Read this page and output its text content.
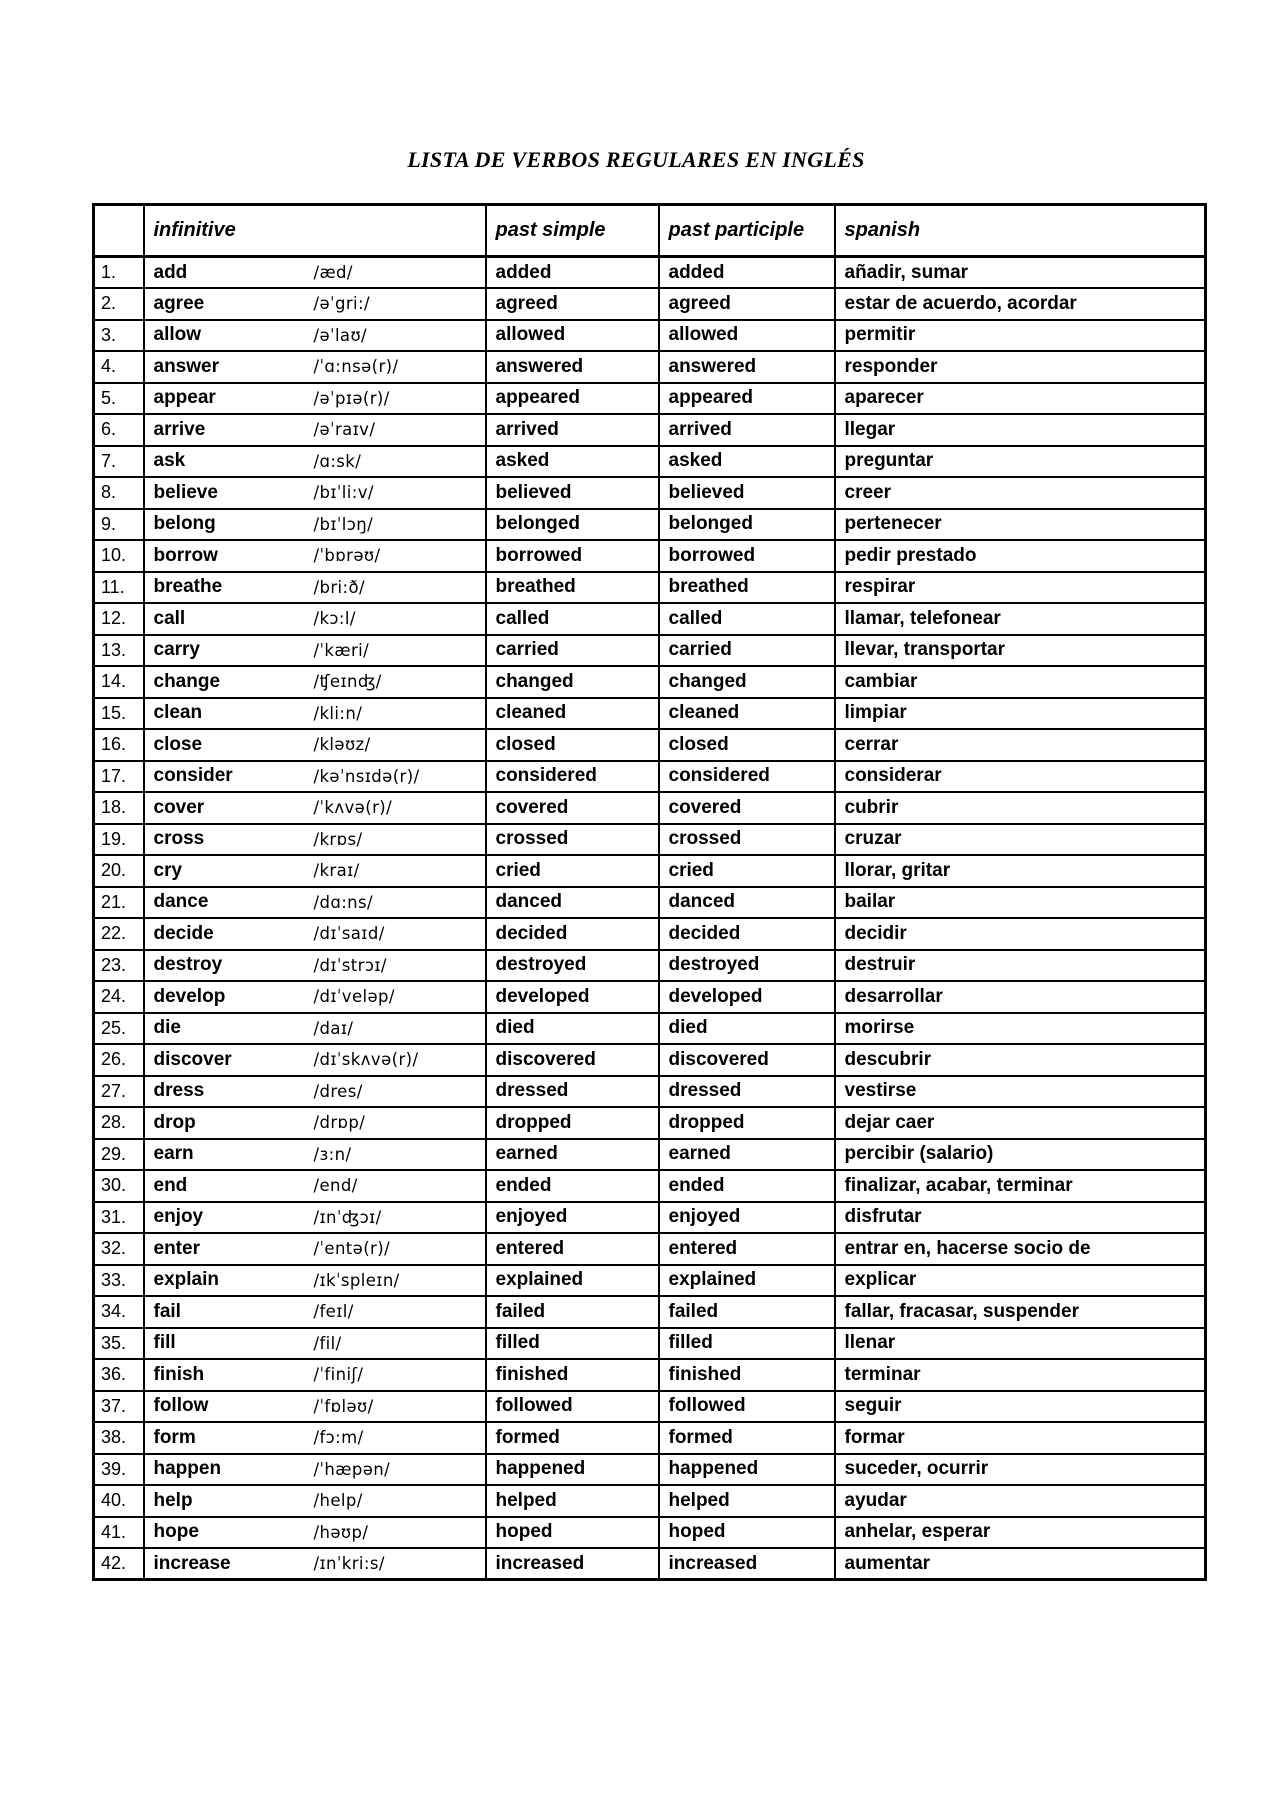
LISTA DE VERBOS REGULARES EN INGLÉS
	infinitive	past simple	past participle	spanish
1.	add /æd/	added	added	añadir, sumar
2.	agree /əˈgri:/	agreed	agreed	estar de acuerdo, acordar
3.	allow /əˈlaʊ/	allowed	allowed	permitir
4.	answer /ˈɑ:nsə(r)/	answered	answered	responder
5.	appear /əˈpɪə(r)/	appeared	appeared	aparecer
6.	arrive /əˈraɪv/	arrived	arrived	llegar
7.	ask /ɑ:sk/	asked	asked	preguntar
8.	believe /bɪˈli:v/	believed	believed	creer
9.	belong /bɪˈlɔŋ/	belonged	belonged	pertenecer
10.	borrow /ˈbɒrəʊ/	borrowed	borrowed	pedir prestado
11.	breathe /bri:ð/	breathed	breathed	respirar
12.	call /kɔ:l/	called	called	llamar, telefonear
13.	carry /ˈkæri/	carried	carried	llevar, transportar
14.	change /ʧeɪnʤ/	changed	changed	cambiar
15.	clean /kli:n/	cleaned	cleaned	limpiar
16.	close /kləʊz/	closed	closed	cerrar
17.	consider /kəˈnsɪdə(r)/	considered	considered	considerar
18.	cover /ˈkʌvə(r)/	covered	covered	cubrir
19.	cross /krɒs/	crossed	crossed	cruzar
20.	cry /kraɪ/	cried	cried	llorar, gritar
21.	dance /dɑ:ns/	danced	danced	bailar
22.	decide /dɪˈsaɪd/	decided	decided	decidir
23.	destroy /dɪˈstrɔɪ/	destroyed	destroyed	destruir
24.	develop /dɪˈveləp/	developed	developed	desarrollar
25.	die /daɪ/	died	died	morirse
26.	discover /dɪˈskʌvə(r)/	discovered	discovered	descubrir
27.	dress /dres/	dressed	dressed	vestirse
28.	drop /drɒp/	dropped	dropped	dejar caer
29.	earn /ɜ:n/	earned	earned	percibir (salario)
30.	end /end/	ended	ended	finalizar, acabar, terminar
31.	enjoy /ɪnˈʤɔɪ/	enjoyed	enjoyed	disfrutar
32.	enter /ˈentə(r)/	entered	entered	entrar en, hacerse socio de
33.	explain /ɪkˈspleɪn/	explained	explained	explicar
34.	fail /feɪl/	failed	failed	fallar, fracasar, suspender
35.	fill /fil/	filled	filled	llenar
36.	finish /ˈfiniʃ/	finished	finished	terminar
37.	follow /ˈfɒləʊ/	followed	followed	seguir
38.	form /fɔ:m/	formed	formed	formar
39.	happen /ˈhæpən/	happened	happened	suceder, ocurrir
40.	help /help/	helped	helped	ayudar
41.	hope /həʊp/	hoped	hoped	anhelar, esperar
42.	increase /ɪnˈkri:s/	increased	increased	aumentar
